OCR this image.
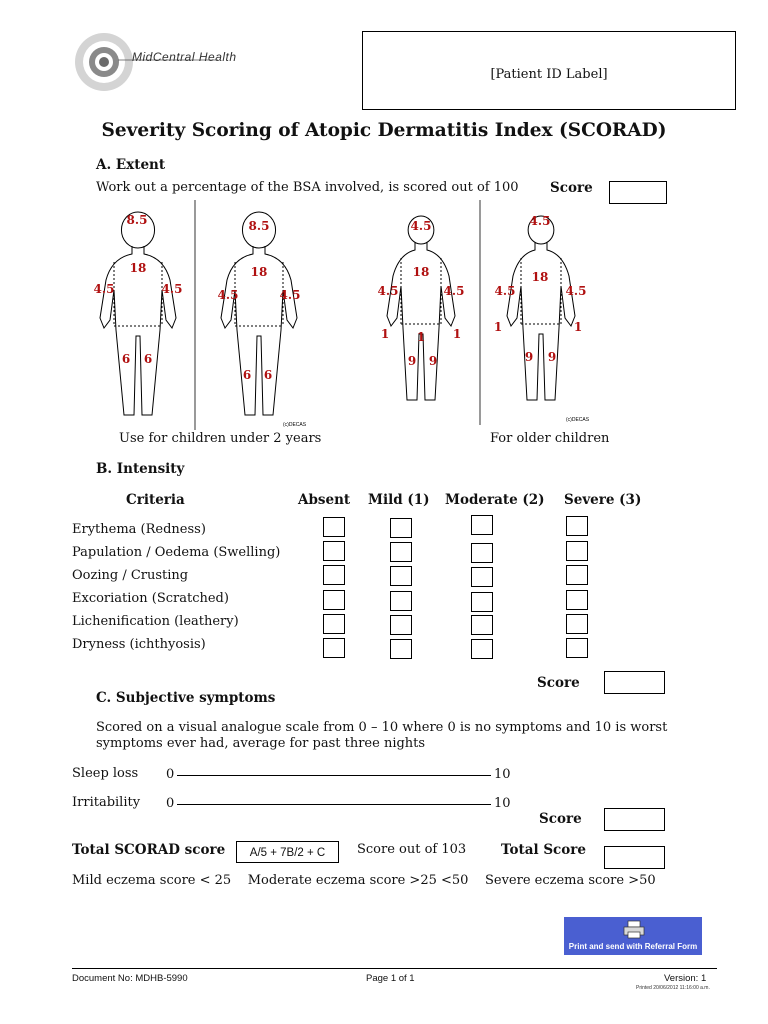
MidCentral Health
[Patient ID Label]
Severity Scoring of Atopic Dermatitis Index (SCORAD)
A. Extent
Work out a percentage of the BSA involved, is scored out of 100 Score
8.5
18
4.5	4.5
6 6
8.5
18
4.5	4.5
6 6
4.5
18
4.5	4.5
1 1 1
9 9
4.5
18
4.5	4.5
1	1
9 9
(c)DECAS
(c)DECAS
Use for children under 2 years	For older children
B. Intensity
Criteria	Absent Mild (1) Moderate (2) Severe (3)
Erythema (Redness)
Papulation / Oedema (Swelling)
Oozing / Crusting
Excoriation (Scratched)
Lichenification (leathery)
Dryness (ichthyosis)
Score
C. Subjective symptoms
Scored on a visual analogue scale from 0 – 10 where 0 is no symptoms and 10 is worst
symptoms ever had, average for past three nights
Sleep loss 0	10
Irritability 0	10
Score
Total SCORAD score	A/5 + 7B/2 + C	Score out of 103	Total Score
Mild eczema score < 25    Moderate eczema score >25 <50    Severe eczema score >50
Print and send with Referral Form
Document No: MDHB-5990	Page 1 of 1	Version: 1
Printed 20/06/2012 11:16:00 a.m.
